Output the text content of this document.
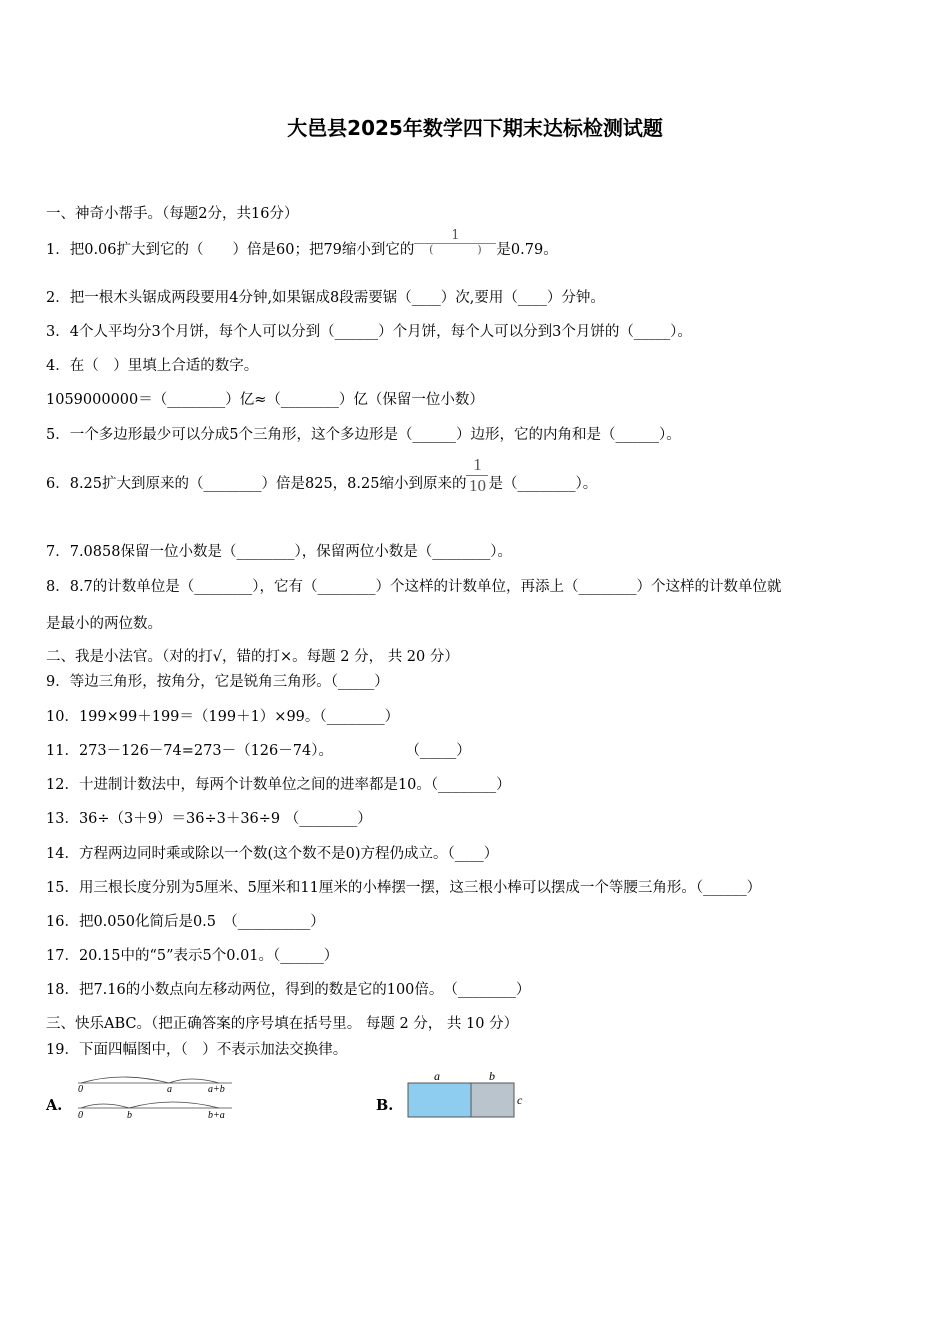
大邑县2025年数学四下期末达标检测试题
一、神奇小帮手。（每题2分，共16分）
1．把0.06扩大到它的（　　）倍是60；把79缩小到它的 $\frac{1}{( )}$ 是0.79。
2．把一根木头锯成两段要用4分钟,如果锯成8段需要锯（____）次,要用（____）分钟。
3．4个人平均分3个月饼，每个人可以分到（______）个月饼，每个人可以分到3个月饼的（_____）。
4．在（　）里填上合适的数字。
1059000000＝（________）亿≈（________）亿（保留一位小数）
5．一个多边形最少可以分成5个三角形，这个多边形是（______）边形，它的内角和是（______）。
6．8.25扩大到原来的（________）倍是825，8.25缩小到原来的 $\frac{1}{10}$ 是（________）。
7．7.0858保留一位小数是（________），保留两位小数是（________）。
8．8.7的计数单位是（________），它有（________）个这样的计数单位，再添上（________）个这样的计数单位就
是最小的两位数。
二、我是小法官。（对的打√，错的打×。每题 2 分， 共 20 分）
9．等边三角形，按角分，它是锐角三角形。（_____）
10．199×99＋199＝（199＋1）×99。（________）
11．273－126－74=273－（126－74）。　　　　　　（_____）
12．十进制计数法中，每两个计数单位之间的进率都是10。（________）
13．36÷（3＋9）＝36÷3＋36÷9 （________）
14．方程两边同时乘或除以一个数(这个数不是0)方程仍成立。（____）
15．用三根长度分别为5厘米、5厘米和11厘米的小棒摆一摆，这三根小棒可以摆成一个等腰三角形。（______）
16．把0.050化简后是0.5　（__________）
17．20.15中的“5”表示5个0.01。（______）
18．把7.16的小数点向左移动两位，得到的数是它的100倍。　（________）
三、快乐ABC。（把正确答案的序号填在括号里。 每题 2 分， 共 10 分）
19．下面四幅图中，（　）不表示加法交换律。
A.
0	a	a+b
0	b	b+a
B.
a	b
c
